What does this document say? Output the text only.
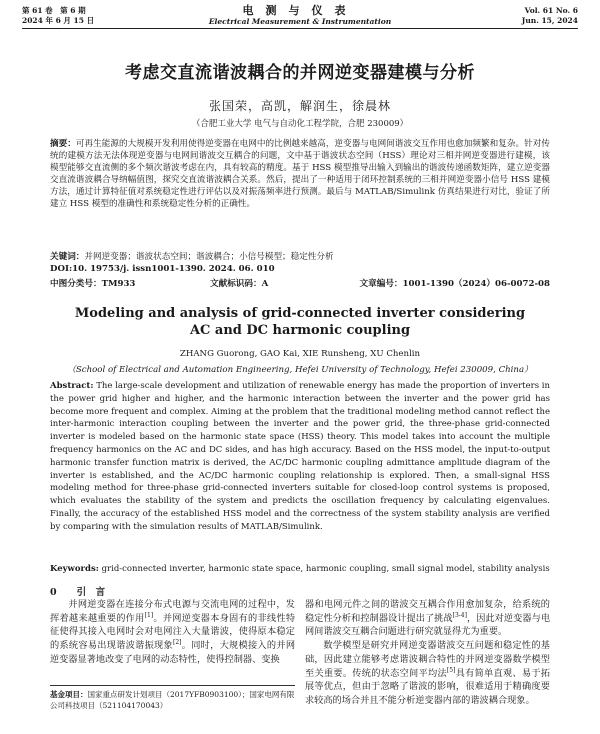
第 61 卷　第 6 期
2024 年 6 月 15 日
电测与仪表
Electrical Measurement & Instrumentation
Vol. 61 No. 6
Jun. 15, 2024
考虑交直流谐波耦合的并网逆变器建模与分析
张国荣，高凯，解润生，徐晨林
（合肥工业大学 电气与自动化工程学院，合肥 230009）

摘要：可再生能源的大规模开发利用使得逆变器在电网中的比例越来越高，逆变器与电网间谐波交互作用也愈加频繁和复杂。针对传统的建模方法无法体现逆变器与电网间谐波交互耦合的问题，文中基于谐波状态空间（HSS）理论对三相并网逆变器进行建模，该模型能够交直流侧的多个频次谐波考虑在内，具有较高的精度。基于 HSS 模型推导出输入到输出的谐波传递函数矩阵，建立逆变器交直流谐波耦合导纳幅值图，探究交直流谐波耦合关系。然后，提出了一种适用于闭环控制系统的三相并网逆变器小信号 HSS 建模方法，通过计算特征值对系统稳定性进行评估以及对振荡频率进行预测。最后与 MATLAB/Simulink 仿真结果进行对比，验证了所建立 HSS 模型的准确性和系统稳定性分析的正确性。

关键词：并网逆变器；谐波状态空间；谐波耦合；小信号模型；稳定性分析
DOI:10. 19753/j. issn1001-1390. 2024. 06. 010
中图分类号：TM933	文献标识码：A	文章编号：1001-1390（2024）06-0072-08
Modeling and analysis of grid-connected inverter considering
AC and DC harmonic coupling
ZHANG Guorong, GAO Kai, XIE Runsheng, XU Chenlin
（School of Electrical and Automation Engineering, Hefei University of Technology, Hefei 230009, China）

Abstract: The large-scale development and utilization of renewable energy has made the proportion of inverters in the power grid higher and higher, and the harmonic interaction between the inverter and the power grid has become more frequent and complex. Aiming at the problem that the traditional modeling method cannot reflect the inter-harmonic interaction coupling between the inverter and the power grid, the three-phase grid-connected inverter is modeled based on the harmonic state space (HSS) theory. This model takes into account the multiple frequency harmonics on the AC and DC sides, and has high accuracy. Based on the HSS model, the input-to-output harmonic transfer function matrix is derived, the AC/DC harmonic coupling admittance amplitude diagram of the inverter is established, and the AC/DC harmonic coupling relationship is explored. Then, a small-signal HSS modeling method for three-phase grid-connected inverters suitable for closed-loop control systems is proposed, which evaluates the stability of the system and predicts the oscillation frequency by calculating eigenvalues. Finally, the accuracy of the established HSS model and the correctness of the system stability analysis are verified by comparing with the simulation results of MATLAB/Simulink.

Keywords: grid-connected inverter, harmonic state space, harmonic coupling, small signal model, stability analysis

0 引　言

并网逆变器在连接分布式电源与交流电网的过程中，发挥着越来越重要的作用[1]。并网逆变器本身固有的非线性特征使得其接入电网时会对电网注入大量谐波，使得原本稳定的系统容易出现谐波谐振现象[2]。同时，大规模接入的并网逆变器显著地改变了电网的动态特性，使得控制器、变换

器和电网元件之间的谐波交互耦合作用愈加复杂，给系统的稳定性分析和控制器设计提出了挑战[3-4]，因此对逆变器与电网间谐波交互耦合问题进行研究就显得尤为重要。

数学模型是研究并网逆变器谐波交互问题和稳定性的基础，因此建立能够考虑谐波耦合特性的并网逆变器数学模型至关重要。传统的状态空间平均法[5]具有简单直观、易于拓展等优点，但由于忽略了谐波的影响，很难适用于精确度要求较高的场合并且不能分析逆变器内部的谐波耦合现象。

基金项目：国家重点研发计划项目（2017YFB0903100）；国家电网有限公司科技项目（521104170043）
